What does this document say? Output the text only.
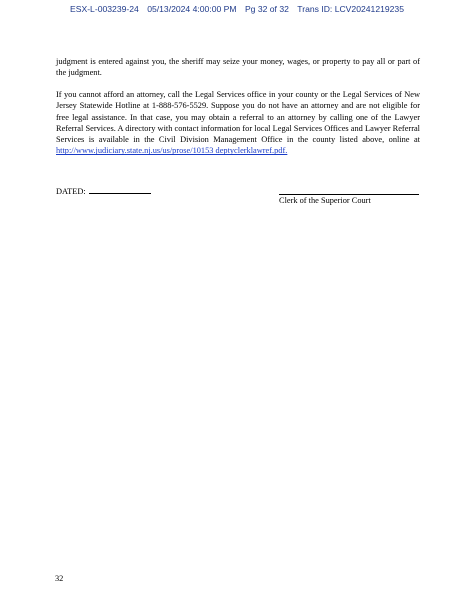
ESX-L-003239-24 05/13/2024 4:00:00 PM Pg 32 of 32 Trans ID: LCV20241219235

judgment is entered against you, the sheriff may seize your money, wages, or property to pay all or part of the judgment.

If you cannot afford an attorney, call the Legal Services office in your county or the Legal Services of New Jersey Statewide Hotline at 1-888-576-5529. Suppose you do not have an attorney and are not eligible for free legal assistance. In that case, you may obtain a referral to an attorney by calling one of the Lawyer Referral Services. A directory with contact information for local Legal Services Offices and Lawyer Referral Services is available in the Civil Division Management Office in the county listed above, online at http://www.judiciary.state.nj.us/us/prose/10153 deptyclerklawref.pdf.

DATED:
Clerk of the Superior Court
32
